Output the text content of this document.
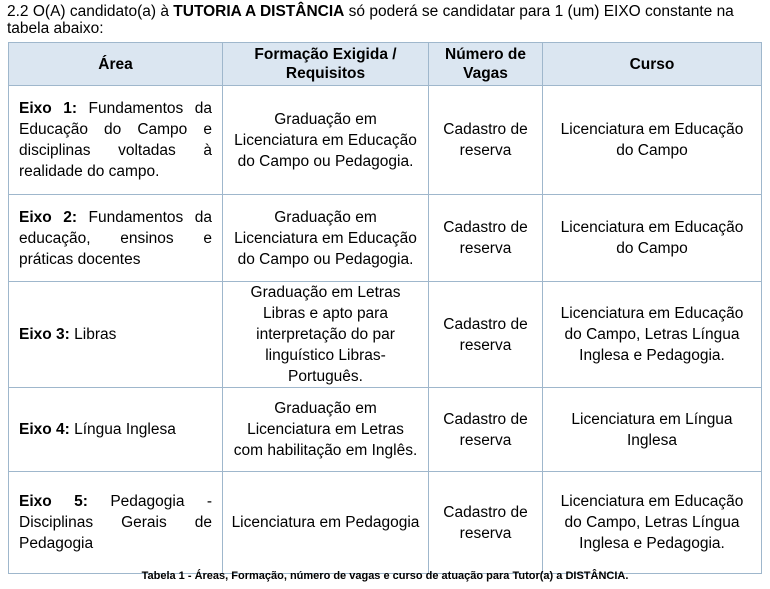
2.2 O(A) candidato(a) à TUTORIA A DISTÂNCIA só poderá se candidatar para 1 (um) EIXO constante na tabela abaixo:
Área	Formação Exigida / Requisitos	Número de Vagas	Curso
Eixo 1: Fundamentos da Educação do Campo e disciplinas voltadas à realidade do campo.	Graduação em Licenciatura em Educação do Campo ou Pedagogia.	Cadastro de reserva	Licenciatura em Educação do Campo
Eixo 2: Fundamentos da educação, ensinos e práticas docentes	Graduação em Licenciatura em Educação do Campo ou Pedagogia.	Cadastro de reserva	Licenciatura em Educação do Campo
Eixo 3: Libras	Graduação em Letras Libras e apto para interpretação do par linguístico Libras-Português.	Cadastro de reserva	Licenciatura em Educação do Campo, Letras Língua Inglesa e Pedagogia.
Eixo 4: Língua Inglesa	Graduação em Licenciatura em Letras com habilitação em Inglês.	Cadastro de reserva	Licenciatura em Língua Inglesa
Eixo 5: Pedagogia - Disciplinas Gerais de Pedagogia	Licenciatura em Pedagogia	Cadastro de reserva	Licenciatura em Educação do Campo, Letras Língua Inglesa e Pedagogia.
Tabela 1 - Áreas, Formação, número de vagas e curso de atuação para Tutor(a) a DISTÂNCIA.
